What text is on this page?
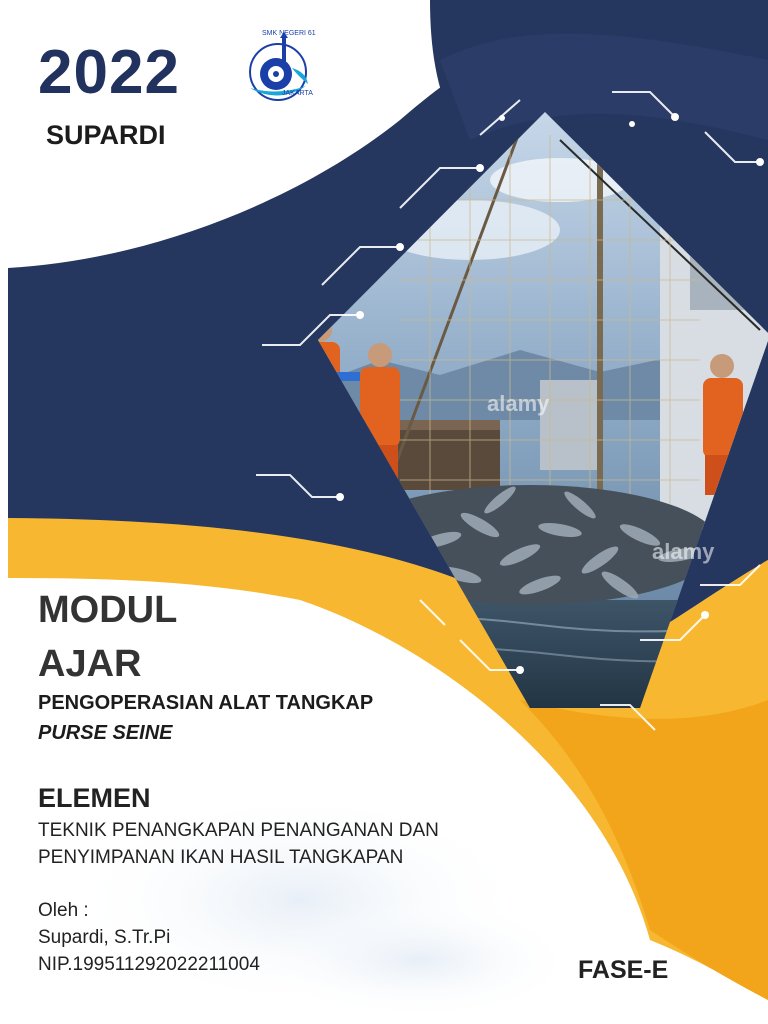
SMK NEGERI 61
JAKARTA
alamy
alamy
2022
SUPARDI
MODUL
AJAR
PENGOPERASIAN ALAT TANGKAP
PURSE SEINE
ELEMEN
TEKNIK PENANGKAPAN PENANGANAN DAN
PENYIMPANAN IKAN HASIL TANGKAPAN
Oleh :
Supardi, S.Tr.Pi
NIP.199511292022211004	FASE-E
